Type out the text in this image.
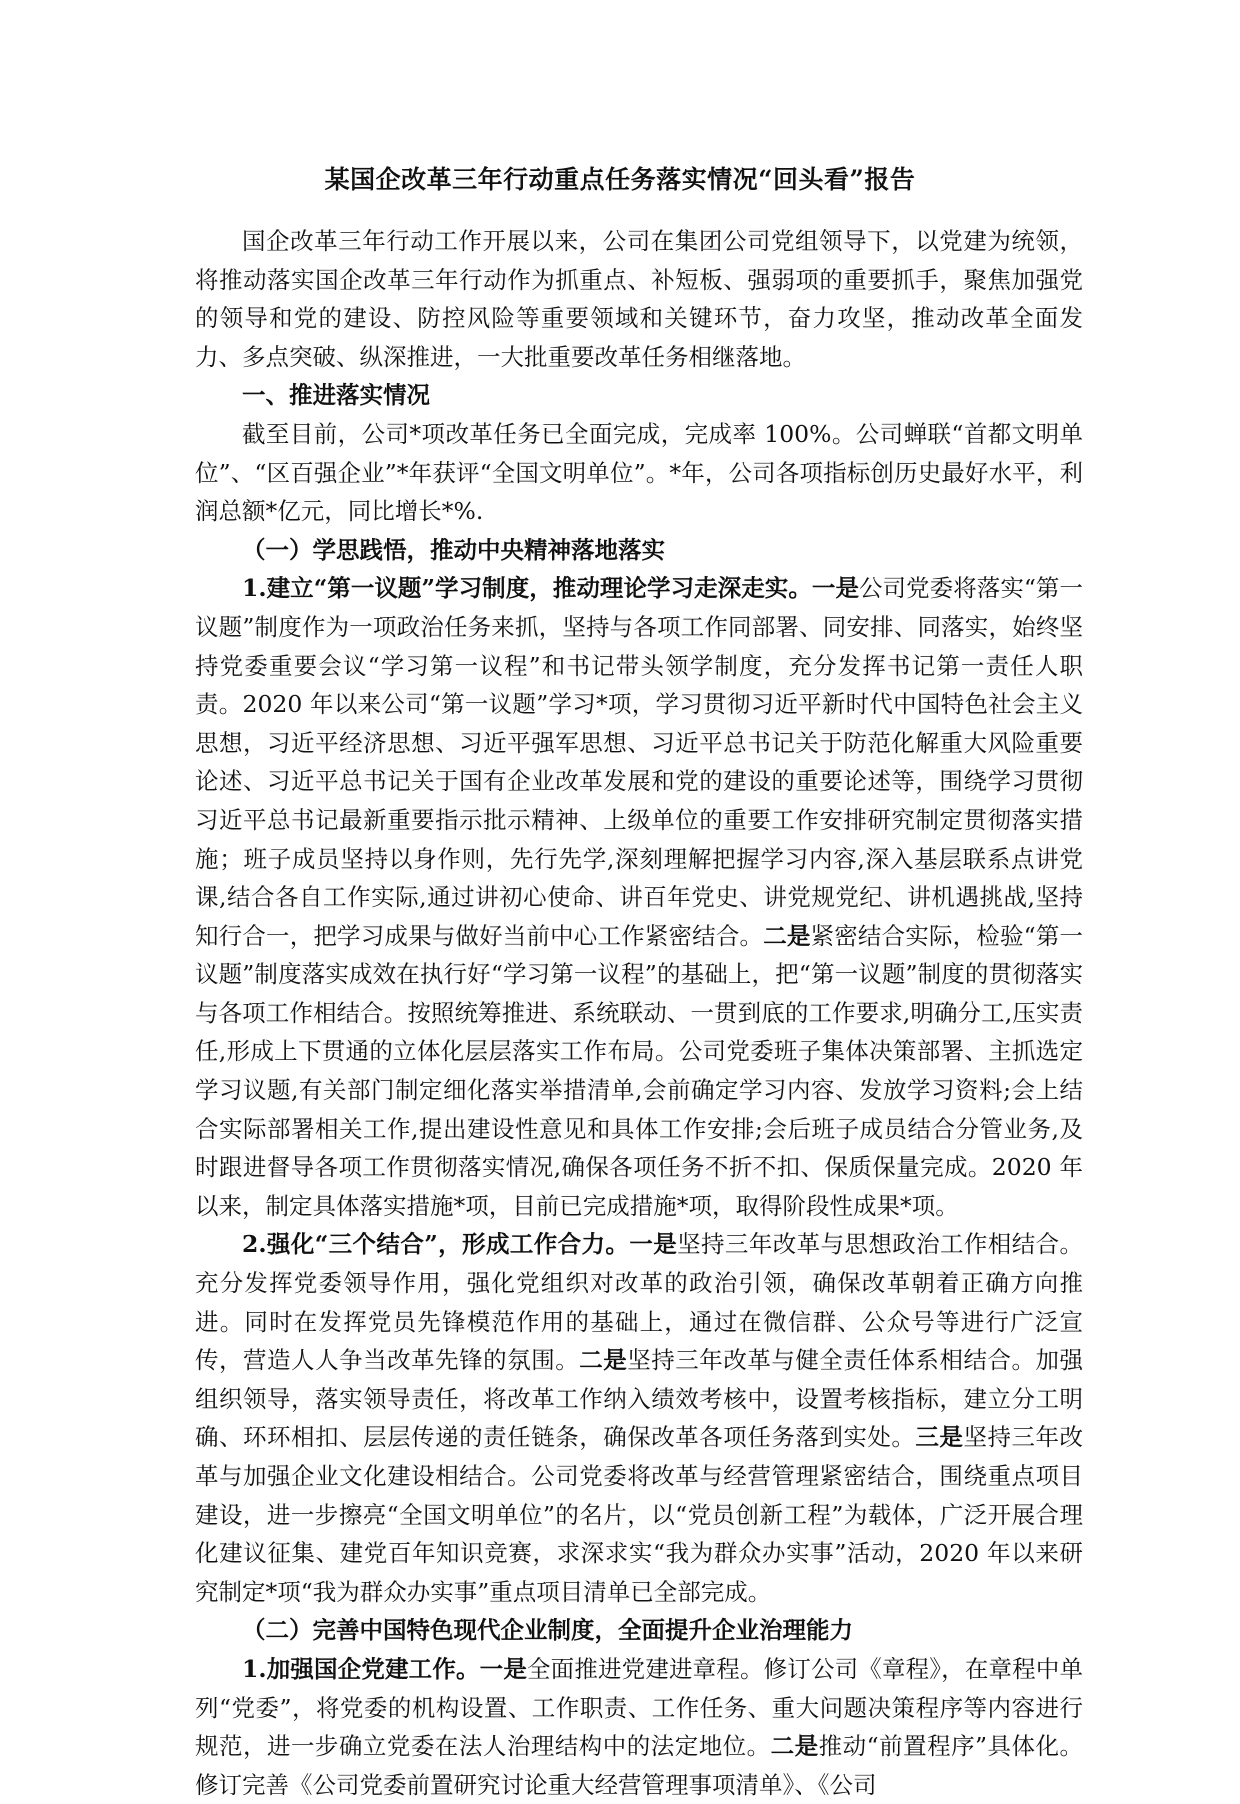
某国企改革三年行动重点任务落实情况“回头看”报告

国企改革三年行动工作开展以来，公司在集团公司党组领导下，以党建为统领，将推动落实国企改革三年行动作为抓重点、补短板、强弱项的重要抓手，聚焦加强党的领导和党的建设、防控风险等重要领域和关键环节，奋力攻坚，推动改革全面发力、多点突破、纵深推进，一大批重要改革任务相继落地。

一、推进落实情况

截至目前，公司*项改革任务已全面完成，完成率 100%。公司蝉联“首都文明单位”、“区百强企业”*年获评“全国文明单位”。*年，公司各项指标创历史最好水平，利润总额*亿元，同比增长*%.

（一）学思践悟，推动中央精神落地落实

1.建立“第一议题”学习制度，推动理论学习走深走实。一是公司党委将落实“第一议题”制度作为一项政治任务来抓，坚持与各项工作同部署、同安排、同落实，始终坚持党委重要会议“学习第一议程”和书记带头领学制度，充分发挥书记第一责任人职责。2020 年以来公司“第一议题”学习*项，学习贯彻习近平新时代中国特色社会主义思想，习近平经济思想、习近平强军思想、习近平总书记关于防范化解重大风险重要论述、习近平总书记关于国有企业改革发展和党的建设的重要论述等，围绕学习贯彻习近平总书记最新重要指示批示精神、上级单位的重要工作安排研究制定贯彻落实措施；班子成员坚持以身作则，先行先学,深刻理解把握学习内容,深入基层联系点讲党课,结合各自工作实际,通过讲初心使命、讲百年党史、讲党规党纪、讲机遇挑战,坚持知行合一，把学习成果与做好当前中心工作紧密结合。二是紧密结合实际，检验“第一议题”制度落实成效在执行好“学习第一议程”的基础上，把“第一议题”制度的贯彻落实与各项工作相结合。按照统筹推进、系统联动、一贯到底的工作要求,明确分工,压实责任,形成上下贯通的立体化层层落实工作布局。公司党委班子集体决策部署、主抓选定学习议题,有关部门制定细化落实举措清单,会前确定学习内容、发放学习资料;会上结合实际部署相关工作,提出建设性意见和具体工作安排;会后班子成员结合分管业务,及时跟进督导各项工作贯彻落实情况,确保各项任务不折不扣、保质保量完成。2020 年以来，制定具体落实措施*项，目前已完成措施*项，取得阶段性成果*项。

2.强化“三个结合”，形成工作合力。一是坚持三年改革与思想政治工作相结合。充分发挥党委领导作用，强化党组织对改革的政治引领，确保改革朝着正确方向推进。同时在发挥党员先锋模范作用的基础上，通过在微信群、公众号等进行广泛宣传，营造人人争当改革先锋的氛围。二是坚持三年改革与健全责任体系相结合。加强组织领导，落实领导责任，将改革工作纳入绩效考核中，设置考核指标，建立分工明确、环环相扣、层层传递的责任链条，确保改革各项任务落到实处。三是坚持三年改革与加强企业文化建设相结合。公司党委将改革与经营管理紧密结合，围绕重点项目建设，进一步擦亮“全国文明单位”的名片，以“党员创新工程”为载体，广泛开展合理化建议征集、建党百年知识竞赛，求深求实“我为群众办实事”活动，2020 年以来研究制定*项“我为群众办实事”重点项目清单已全部完成。

（二）完善中国特色现代企业制度，全面提升企业治理能力

1.加强国企党建工作。一是全面推进党建进章程。修订公司《章程》，在章程中单列“党委”，将党委的机构设置、工作职责、工作任务、重大问题决策程序等内容进行规范，进一步确立党委在法人治理结构中的法定地位。二是推动“前置程序”具体化。修订完善《公司党委前置研究讨论重大经营管理事项清单》、《公司
